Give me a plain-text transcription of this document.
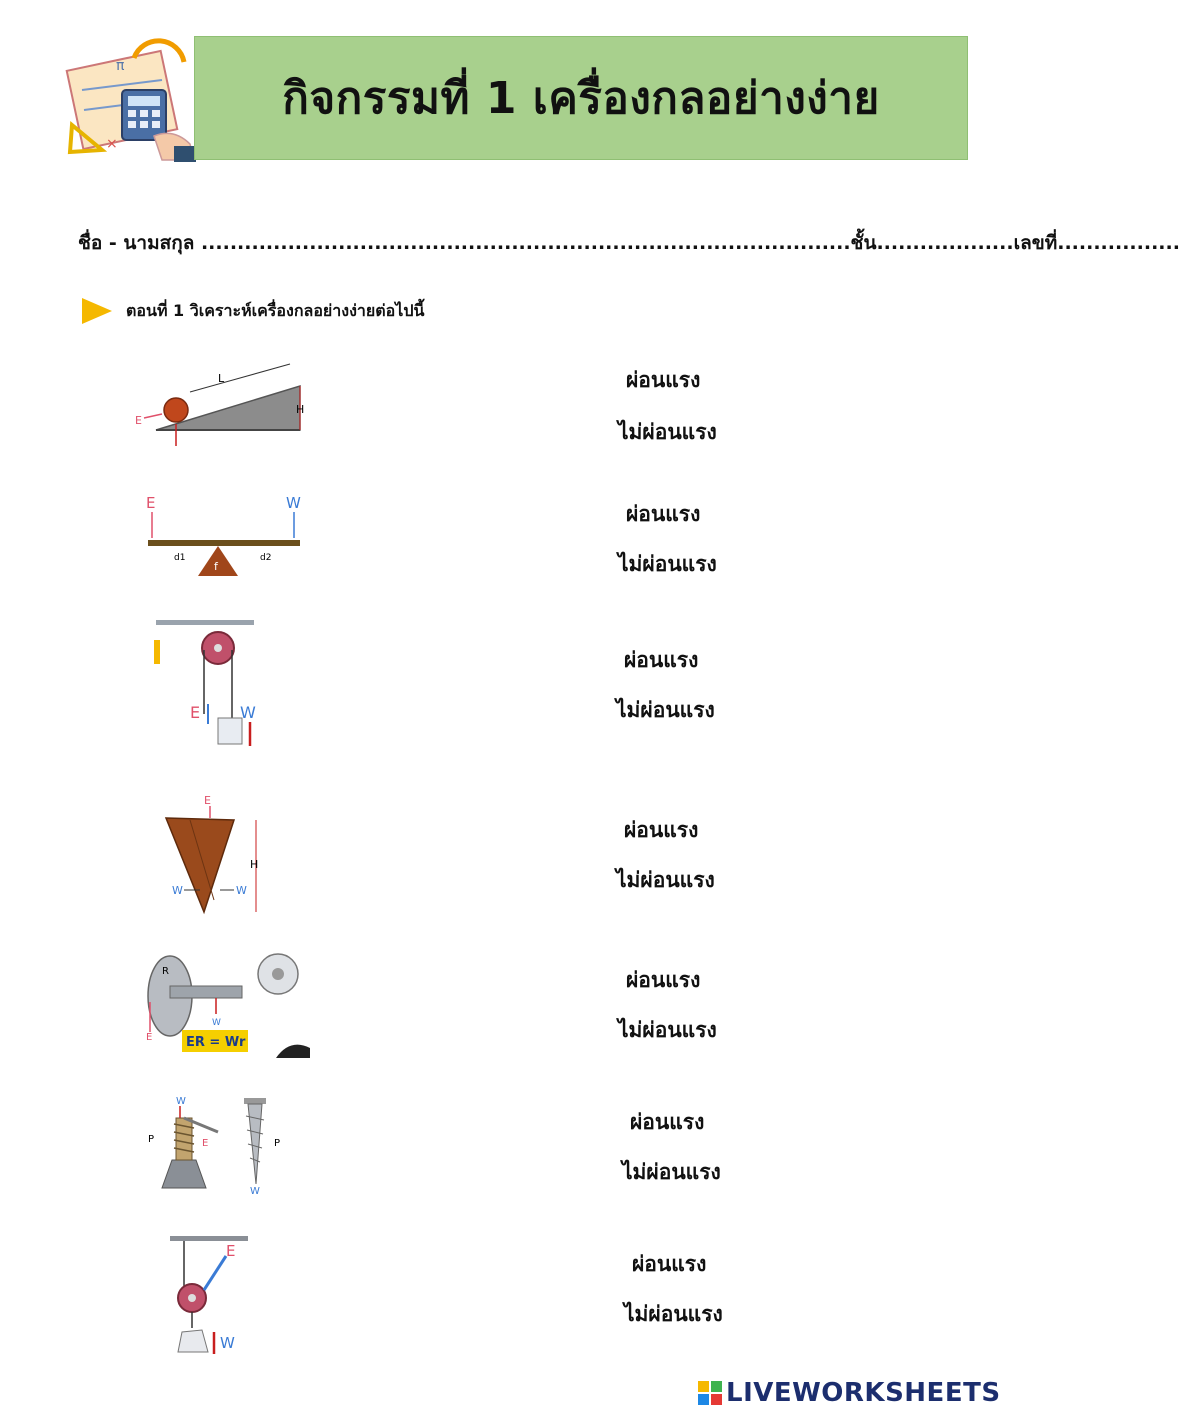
π
×
กิจกรรมที่ 1 เครื่องกลอย่างง่าย
ชื่อ - นามสกุล ..........................................................................................ชั้น...................เลขที่.................
ตอนที่ 1 วิเคราะห์เครื่องกลอย่างง่ายต่อไปนี้
L
H
E
ผ่อนแรง
ไม่ผ่อนแรง
E	W
f
d1	d2
ผ่อนแรง
ไม่ผ่อนแรง
E W
ผ่อนแรง
ไม่ผ่อนแรง
E
H
W	W
ผ่อนแรง
ไม่ผ่อนแรง
R
E
W
ER = Wr
ผ่อนแรง
ไม่ผ่อนแรง
W
P	E	P
W
ผ่อนแรง
ไม่ผ่อนแรง
E
W
ผ่อนแรง
ไม่ผ่อนแรง
LIVEWORKSHEETS
